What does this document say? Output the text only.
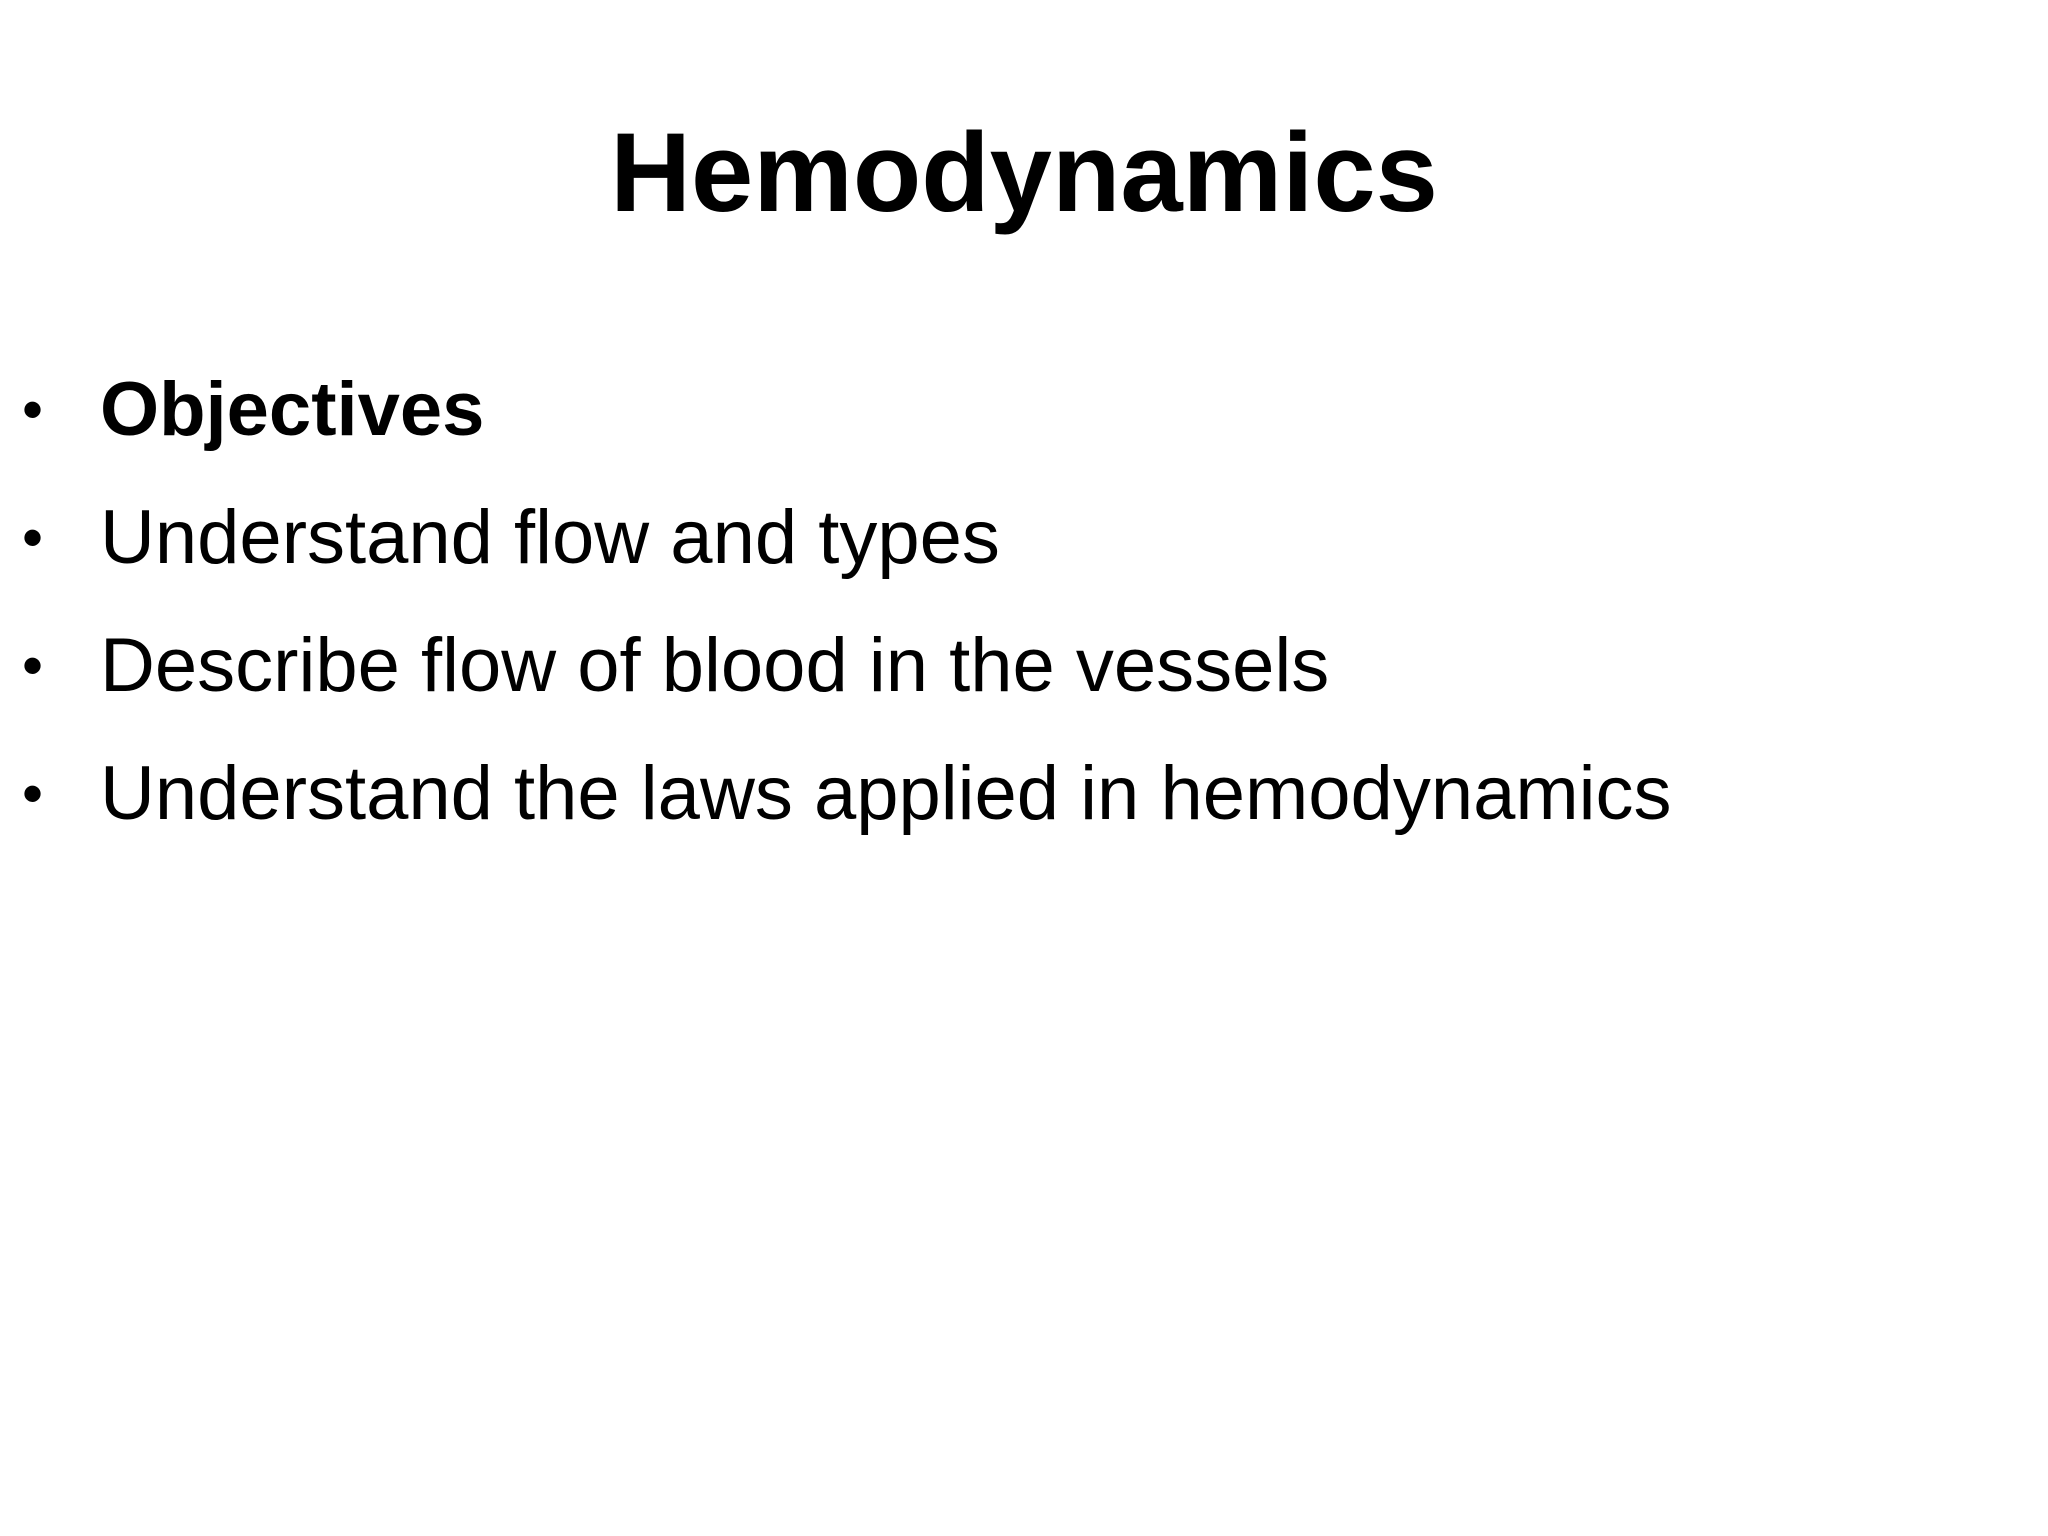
Hemodynamics
• Objectives
• Understand flow and types
• Describe flow of blood in the vessels
• Understand the laws applied in hemodynamics
